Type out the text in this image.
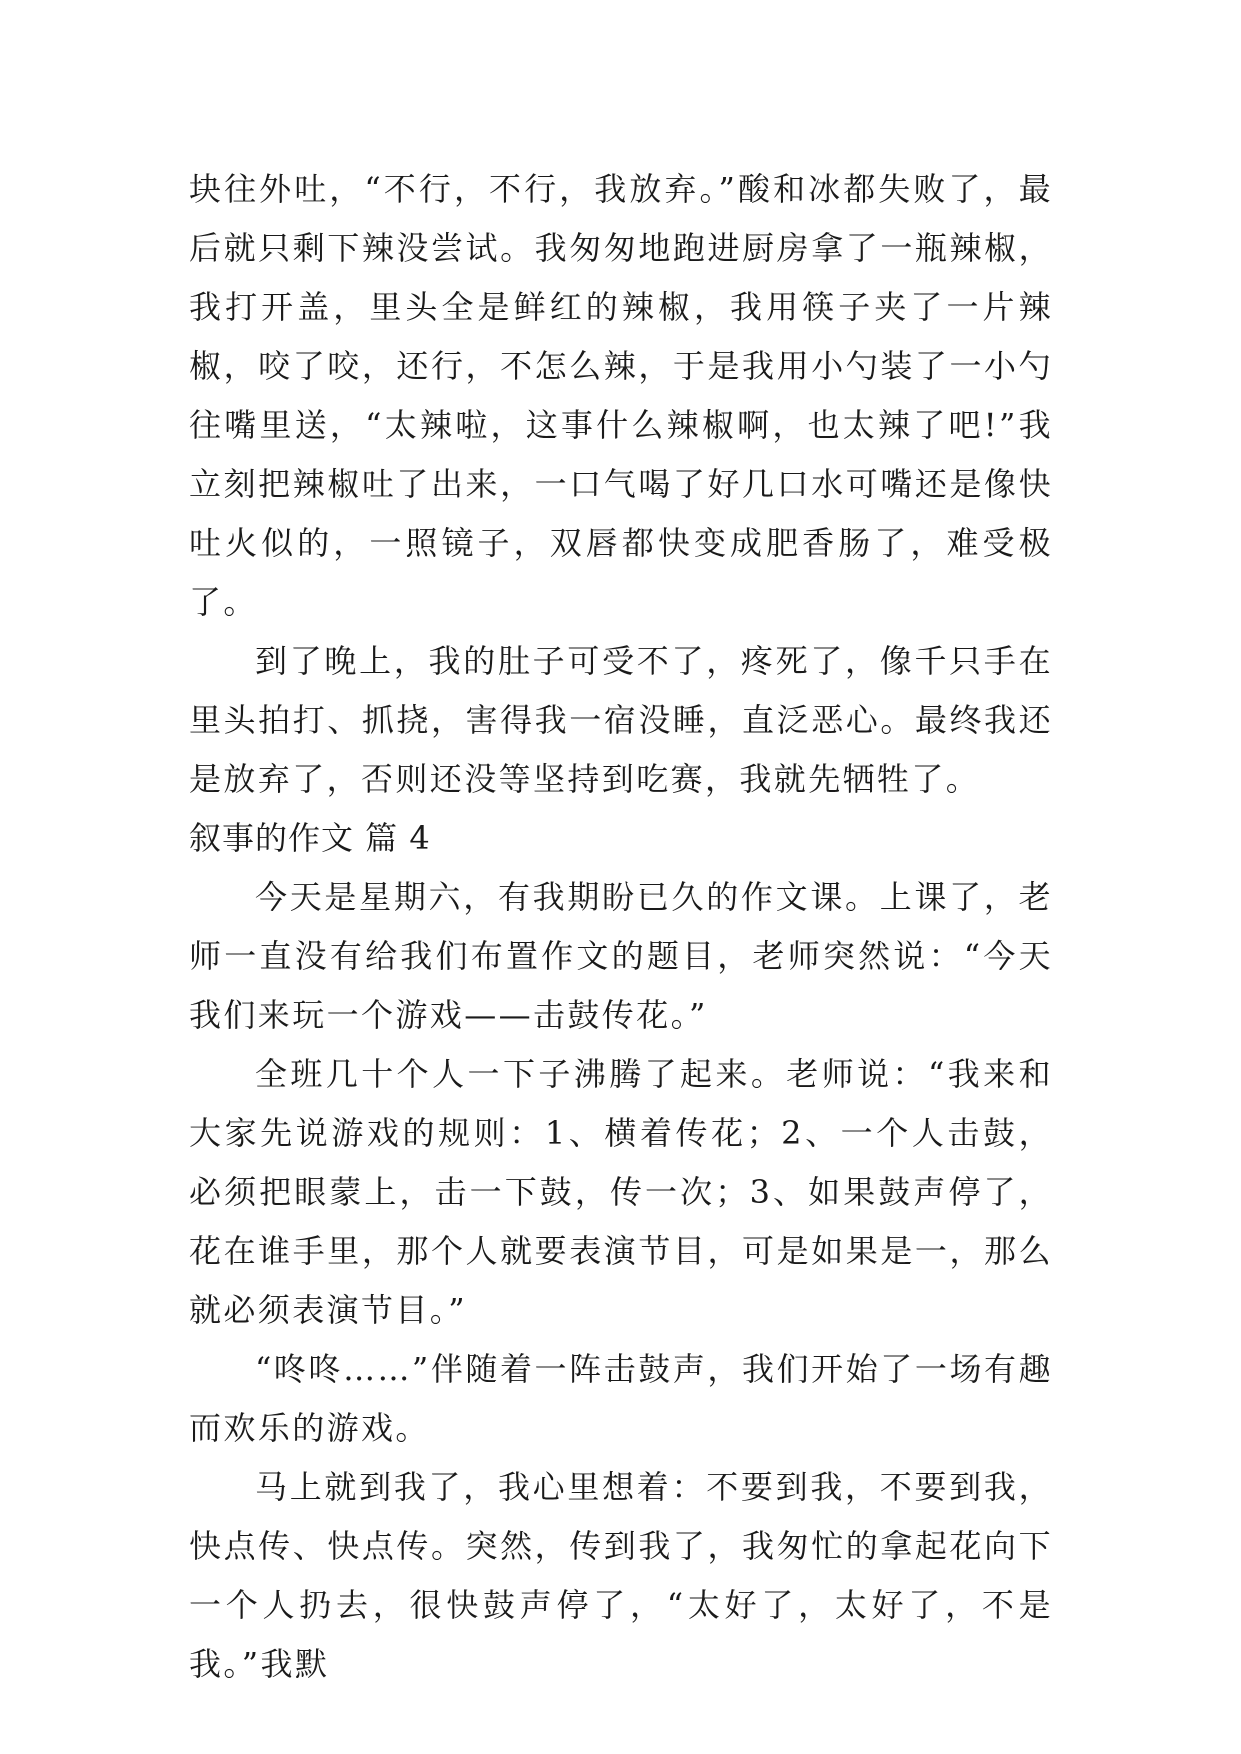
块往外吐，“不行，不行，我放弃。”酸和冰都失败了，最后就只剩下辣没尝试。我匆匆地跑进厨房拿了一瓶辣椒，我打开盖，里头全是鲜红的辣椒，我用筷子夹了一片辣椒，咬了咬，还行，不怎么辣，于是我用小勺装了一小勺往嘴里送，“太辣啦，这事什么辣椒啊，也太辣了吧!”我立刻把辣椒吐了出来，一口气喝了好几口水可嘴还是像快吐火似的，一照镜子，双唇都快变成肥香肠了，难受极了。

到了晚上，我的肚子可受不了，疼死了，像千只手在里头拍打、抓挠，害得我一宿没睡，直泛恶心。最终我还是放弃了，否则还没等坚持到吃赛，我就先牺牲了。

叙事的作文 篇 4

今天是星期六，有我期盼已久的作文课。上课了，老师一直没有给我们布置作文的题目，老师突然说：“今天我们来玩一个游戏——击鼓传花。”

全班几十个人一下子沸腾了起来。老师说：“我来和大家先说游戏的规则：1、横着传花；2、一个人击鼓，必须把眼蒙上，击一下鼓，传一次；3、如果鼓声停了，花在谁手里，那个人就要表演节目，可是如果是一，那么就必须表演节目。”

“咚咚……”伴随着一阵击鼓声，我们开始了一场有趣而欢乐的游戏。

马上就到我了，我心里想着：不要到我，不要到我，快点传、快点传。突然，传到我了，我匆忙的拿起花向下一个人扔去，很快鼓声停了，“太好了，太好了，不是我。”我默
